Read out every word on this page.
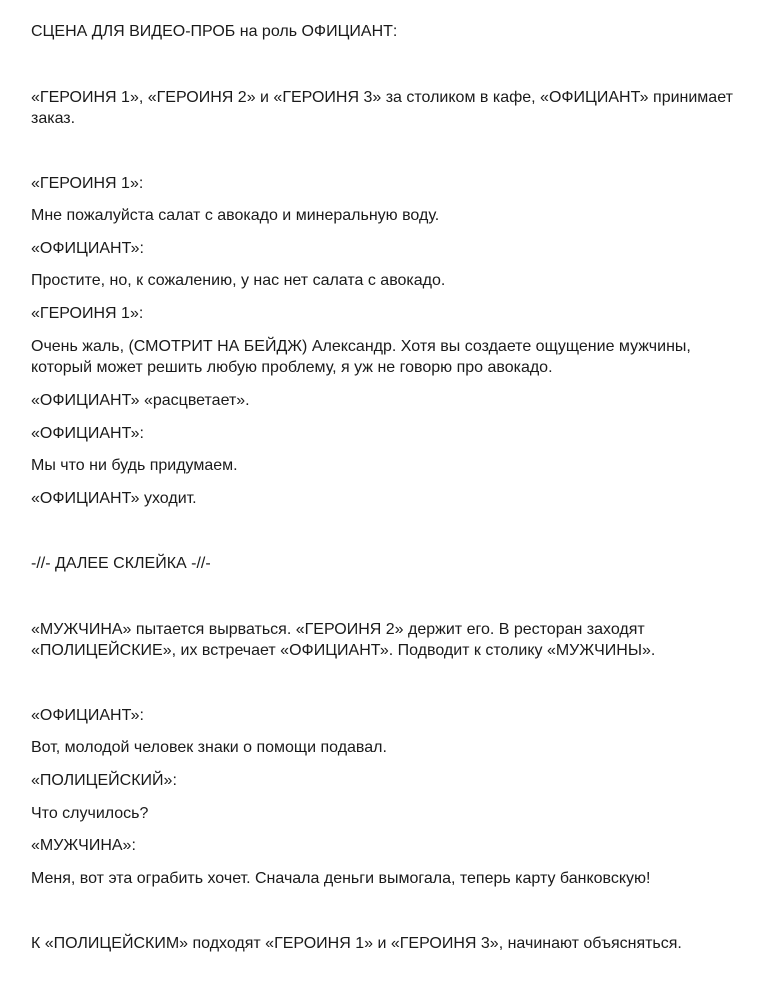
СЦЕНА ДЛЯ ВИДЕО-ПРОБ на роль ОФИЦИАНТ:
«ГЕРОИНЯ 1», «ГЕРОИНЯ 2» и «ГЕРОИНЯ 3» за столиком в кафе, «ОФИЦИАНТ» принимает заказ.
«ГЕРОИНЯ 1»:
Мне пожалуйста салат с авокадо и минеральную воду.
«ОФИЦИАНТ»:
Простите, но, к сожалению, у нас нет салата с авокадо.
«ГЕРОИНЯ 1»:
Очень жаль, (СМОТРИТ НА БЕЙДЖ) Александр. Хотя вы создаете ощущение мужчины, который может решить любую проблему, я уж не говорю про авокадо.
«ОФИЦИАНТ» «расцветает».
«ОФИЦИАНТ»:
Мы что ни будь придумаем.
«ОФИЦИАНТ» уходит.
-//- ДАЛЕЕ СКЛЕЙКА -//-
«МУЖЧИНА» пытается вырваться. «ГЕРОИНЯ 2» держит его. В ресторан заходят «ПОЛИЦЕЙСКИЕ», их встречает «ОФИЦИАНТ». Подводит к столику «МУЖЧИНЫ».
«ОФИЦИАНТ»:
Вот, молодой человек знаки о помощи подавал.
«ПОЛИЦЕЙСКИЙ»:
Что случилось?
«МУЖЧИНА»:
Меня, вот эта ограбить хочет. Сначала деньги вымогала, теперь карту банковскую!
К «ПОЛИЦЕЙСКИМ» подходят «ГЕРОИНЯ 1» и «ГЕРОИНЯ 3», начинают объясняться.
